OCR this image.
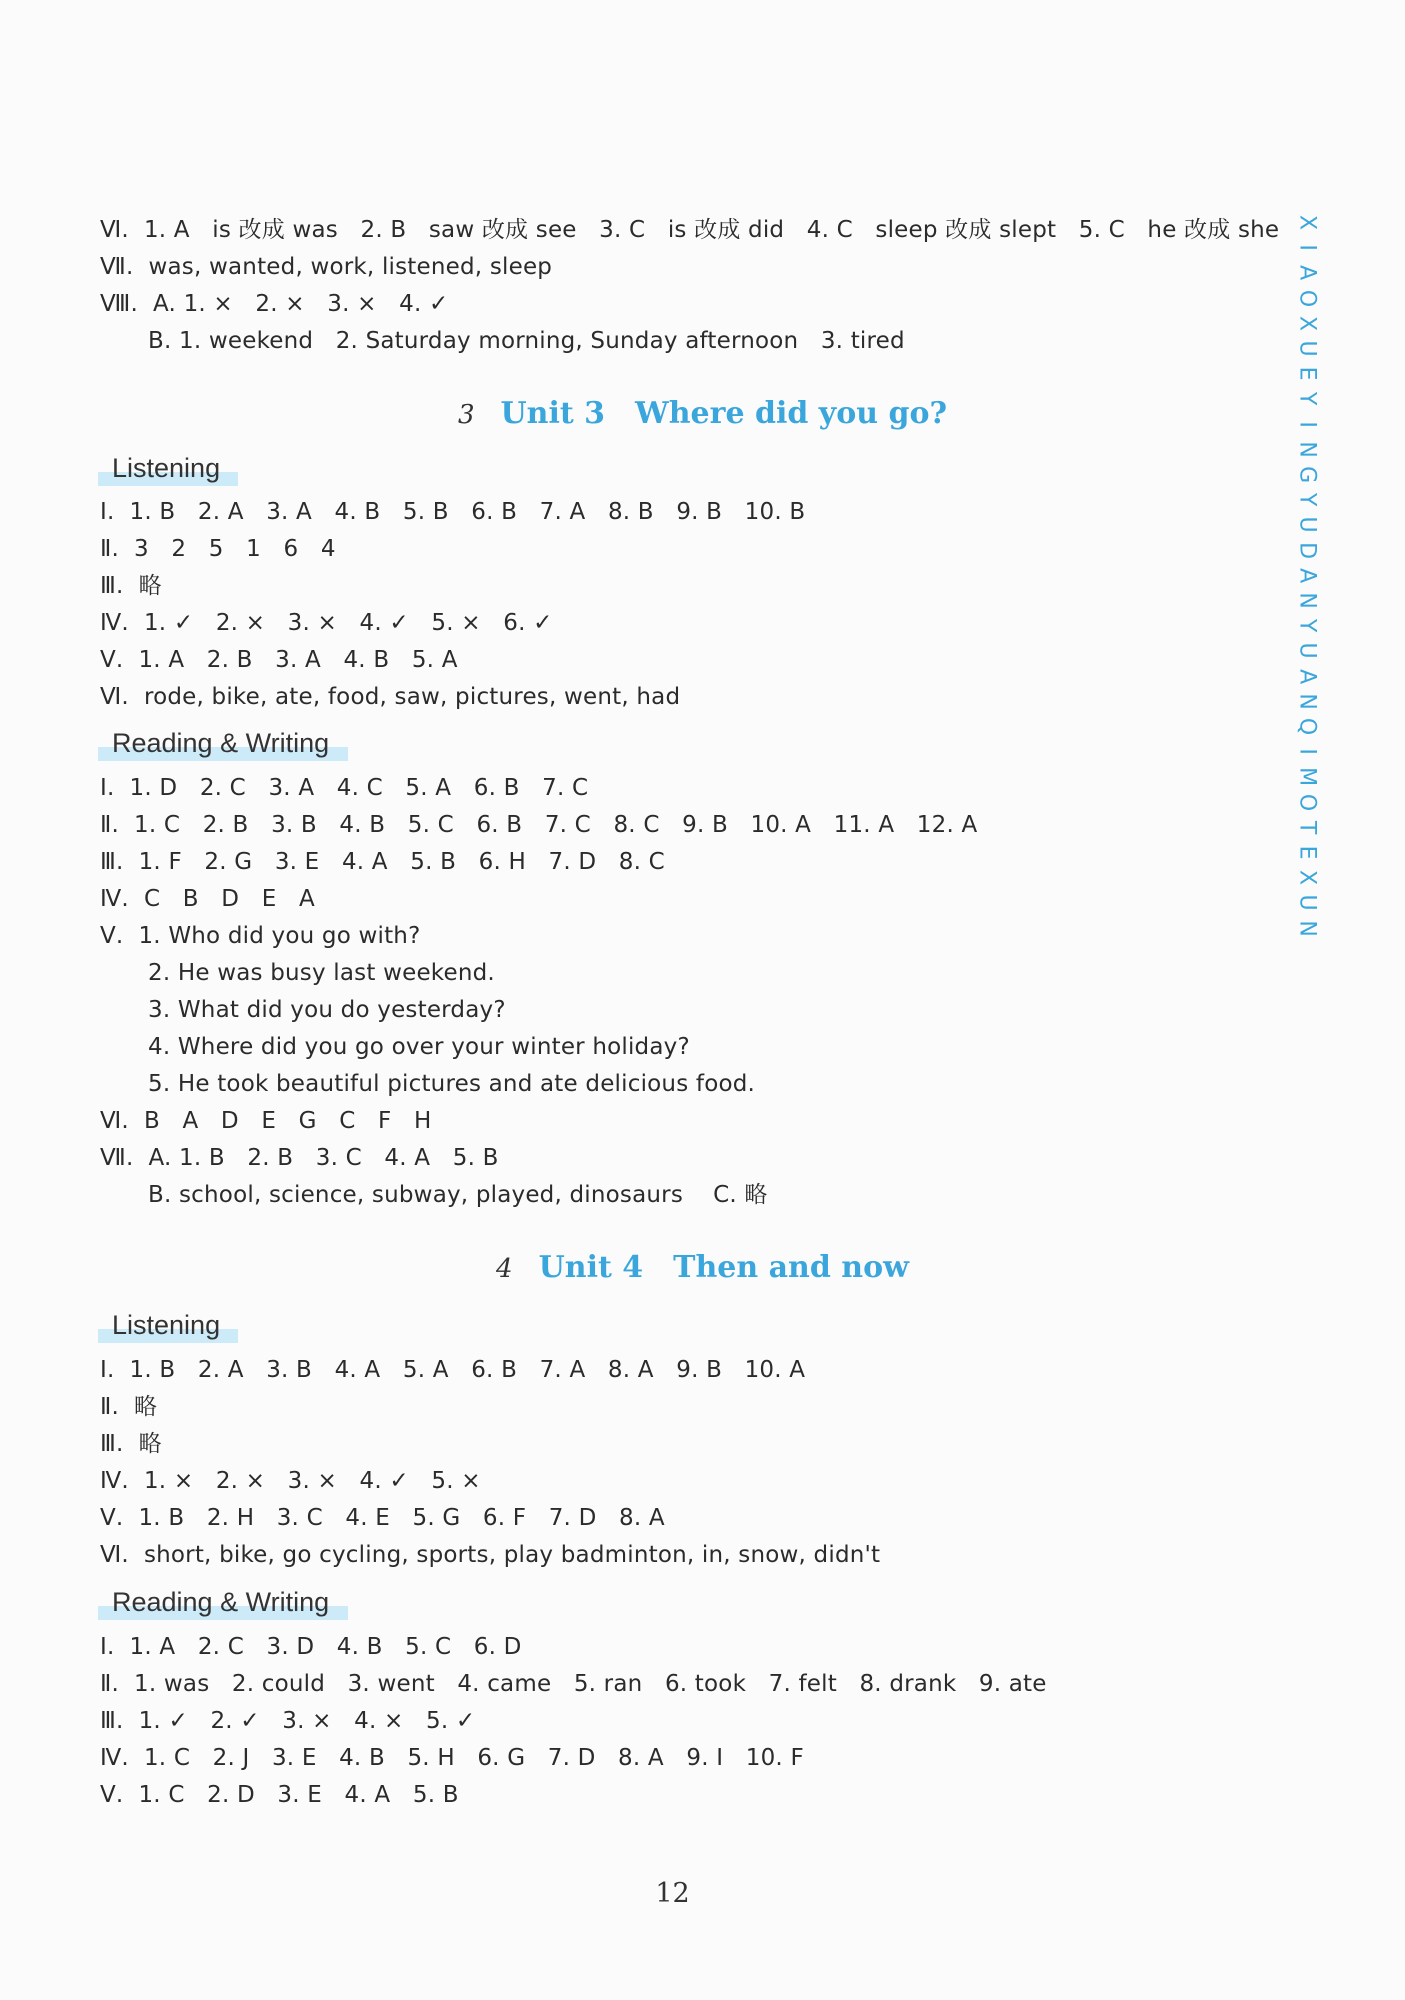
Ⅵ.  1. A   is 改成 was   2. B   saw 改成 see   3. C   is 改成 did   4. C   sleep 改成 slept   5. C   he 改成 she
Ⅶ.  was, wanted, work, listened, sleep
Ⅷ.  A. 1. ×   2. ×   3. ×   4. ✓
B. 1. weekend   2. Saturday morning, Sunday afternoon   3. tired
3 Unit 3 Where did you go?
Listening
Ⅰ.  1. B   2. A   3. A   4. B   5. B   6. B   7. A   8. B   9. B   10. B
Ⅱ.  3   2   5   1   6   4
Ⅲ.  略
Ⅳ.  1. ✓   2. ×   3. ×   4. ✓   5. ×   6. ✓
Ⅴ.  1. A   2. B   3. A   4. B   5. A
Ⅵ.  rode, bike, ate, food, saw, pictures, went, had
Reading & Writing
Ⅰ.  1. D   2. C   3. A   4. C   5. A   6. B   7. C
Ⅱ.  1. C   2. B   3. B   4. B   5. C   6. B   7. C   8. C   9. B   10. A   11. A   12. A
Ⅲ.  1. F   2. G   3. E   4. A   5. B   6. H   7. D   8. C
Ⅳ.  C   B   D   E   A
Ⅴ.  1. Who did you go with?
2. He was busy last weekend.
3. What did you do yesterday?
4. Where did you go over your winter holiday?
5. He took beautiful pictures and ate delicious food.
Ⅵ.  B   A   D   E   G   C   F   H
Ⅶ.  A. 1. B   2. B   3. C   4. A   5. B
B. school, science, subway, played, dinosaurs    C. 略
4 Unit 4 Then and now
Listening
Ⅰ.  1. B   2. A   3. B   4. A   5. A   6. B   7. A   8. A   9. B   10. A
Ⅱ.  略
Ⅲ.  略
Ⅳ.  1. ×   2. ×   3. ×   4. ✓   5. ×
Ⅴ.  1. B   2. H   3. C   4. E   5. G   6. F   7. D   8. A
Ⅵ.  short, bike, go cycling, sports, play badminton, in, snow, didn't
Reading & Writing
Ⅰ.  1. A   2. C   3. D   4. B   5. C   6. D
Ⅱ.  1. was   2. could   3. went   4. came   5. ran   6. took   7. felt   8. drank   9. ate
Ⅲ.  1. ✓   2. ✓   3. ×   4. ×   5. ✓
Ⅳ.  1. C   2. J   3. E   4. B   5. H   6. G   7. D   8. A   9. I   10. F
Ⅴ.  1. C   2. D   3. E   4. A   5. B
X
I
A
O
X
U
E
Y
I
N
G
Y
U
D
A
N
Y
U
A
N
Q
I
M
O
T
E
X
U
N
12
